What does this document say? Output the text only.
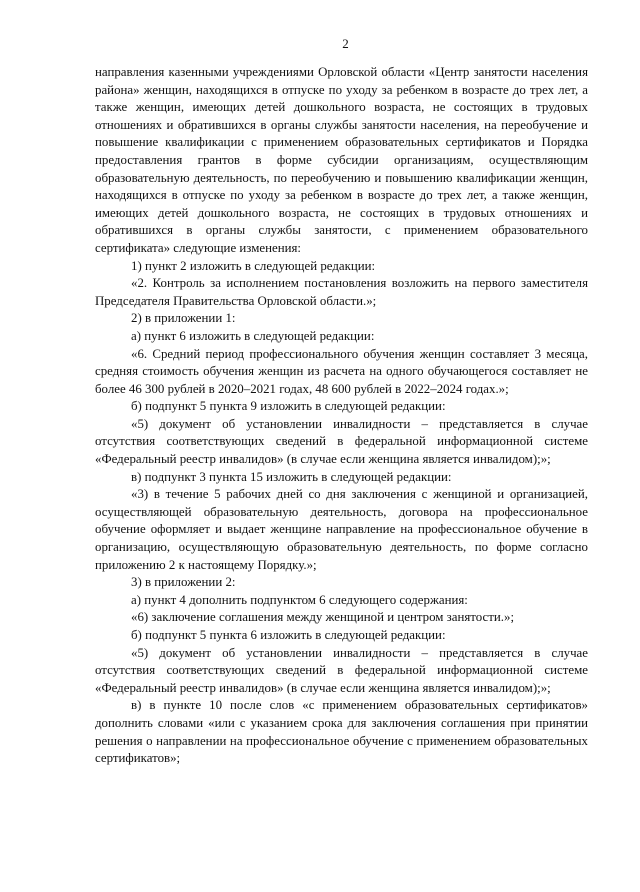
2

направления казенными учреждениями Орловской области «Центр занятости населения района» женщин, находящихся в отпуске по уходу за ребенком в возрасте до трех лет, а также женщин, имеющих детей дошкольного возраста, не состоящих в трудовых отношениях и обратившихся в органы службы занятости населения, на переобучение и повышение квалификации с применением образовательных сертификатов и Порядка предоставления грантов в форме субсидии организациям, осуществляющим образовательную деятельность, по переобучению и повышению квалификации женщин, находящихся в отпуске по уходу за ребенком в возрасте до трех лет, а также женщин, имеющих детей дошкольного возраста, не состоящих в трудовых отношениях и обратившихся в органы службы занятости, с применением образовательного сертификата» следующие изменения:

1) пункт 2 изложить в следующей редакции:

«2. Контроль за исполнением постановления возложить на первого заместителя Председателя Правительства Орловской области.»;

2) в приложении 1:

а) пункт 6 изложить в следующей редакции:

«6. Средний период профессионального обучения женщин составляет 3 месяца, средняя стоимость обучения женщин из расчета на одного обучающегося составляет не более 46 300 рублей в 2020–2021 годах, 48 600 рублей в 2022–2024 годах.»;

б) подпункт 5 пункта 9 изложить в следующей редакции:

«5) документ об установлении инвалидности – представляется в случае отсутствия соответствующих сведений в федеральной информационной системе «Федеральный реестр инвалидов» (в случае если женщина является инвалидом);»;

в) подпункт 3 пункта 15 изложить в следующей редакции:

«3) в течение 5 рабочих дней со дня заключения с женщиной и организацией, осуществляющей образовательную деятельность, договора на профессиональное обучение оформляет и выдает женщине направление на профессиональное обучение в организацию, осуществляющую образовательную деятельность, по форме согласно приложению 2 к настоящему Порядку.»;

3) в приложении 2:

а) пункт 4 дополнить подпунктом 6 следующего содержания:

«6) заключение соглашения между женщиной и центром занятости.»;

б) подпункт 5 пункта 6 изложить в следующей редакции:

«5) документ об установлении инвалидности – представляется в случае отсутствия соответствующих сведений в федеральной информационной системе «Федеральный реестр инвалидов» (в случае если женщина является инвалидом);»;

в) в пункте 10 после слов «с применением образовательных сертификатов» дополнить словами «или с указанием срока для заключения соглашения при принятии решения о направлении на профессиональное обучение с применением образовательных сертификатов»;
